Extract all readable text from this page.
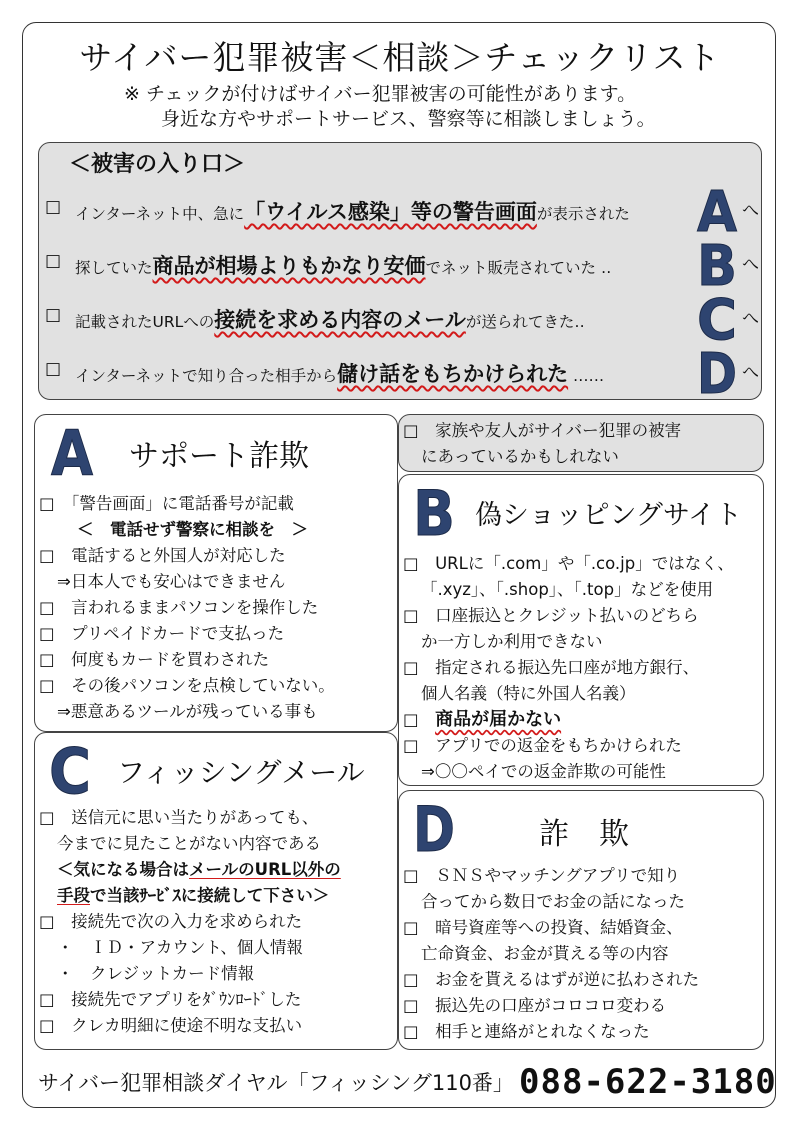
サイバー犯罪被害＜相談＞チェックリスト
※ チェックが付けばサイバー犯罪被害の可能性があります。
身近な方やサポートサービス、警察等に相談しましょう。
＜被害の入り口＞
□ インターネット中、急に「ウイルス感染」等の警告画面が表示された A へ
□ 探していた商品が相場よりもかなり安価でネット販売されていた ‥ B へ
□ 記載されたURLへの接続を求める内容のメールが送られてきた‥ C へ
□ インターネットで知り合った相手から儲け話をもちかけられた ‥‥‥ D へ
A サポート詐欺
□　 「警告画面」に電話番号が記載
＜　電話せず警察に相談を　＞
□　 電話すると外国人が対応した
⇒日本人でも安心はできません
□　 言われるままパソコンを操作した
□　 プリペイドカードで支払った
□　 何度もカードを買わされた
□　 その後パソコンを点検していない。
⇒悪意あるツールが残っている事も
□　 家族や友人がサイバー犯罪の被害
にあっているかもしれない
B 偽ショッピングサイト
□　 URLに「.com」や「.co.jp」ではなく、
「.xyz」、「.shop」、「.top」などを使用
□　 口座振込とクレジット払いのどちら
か一方しか利用できない
□　 指定される振込先口座が地方銀行、
個人名義（特に外国人名義）
□　 商品が届かない
□　 アプリでの返金をもちかけられた
⇒〇〇ペイでの返金詐欺の可能性
C フィッシングメール
□　 送信元に思い当たりがあっても、
今までに見たことがない内容である
＜気になる場合はメールのURL以外の
手段で当該ｻｰﾋﾞｽに接続して下さい＞
□　 接続先で次の入力を求められた
・　ＩＤ・アカウント、個人情報
・　クレジットカード情報
□　 接続先でアプリをﾀﾞｳﾝﾛｰﾄﾞした
□　 クレカ明細に使途不明な支払い
D	詐　欺
□　 ＳＮＳやマッチングアプリで知り
合ってから数日でお金の話になった
□　 暗号資産等への投資、結婚資金、
亡命資金、お金が貰える等の内容
□　 お金を貰えるはずが逆に払わされた
□　 振込先の口座がコロコロ変わる
□　 相手と連絡がとれなくなった
サイバー犯罪相談ダイヤル「フィッシング110番」 088-622-3180
